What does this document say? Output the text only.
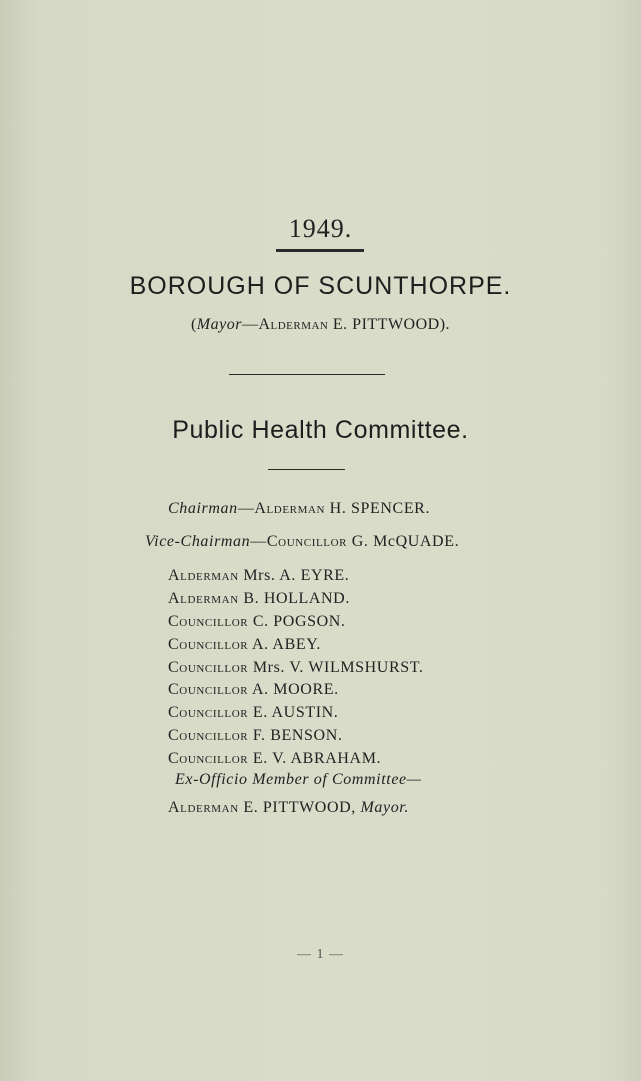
1949.
BOROUGH OF SCUNTHORPE.
(Mayor—Alderman E. PITTWOOD).
Public Health Committee.
Chairman—Alderman H. SPENCER.
Vice-Chairman—Councillor G. McQUADE.
Alderman Mrs. A. EYRE.
Alderman B. HOLLAND.
Councillor C. POGSON.
Councillor A. ABEY.
Councillor Mrs. V. WILMSHURST.
Councillor A. MOORE.
Councillor E. AUSTIN.
Councillor F. BENSON.
Councillor E. V. ABRAHAM.
Ex-Officio Member of Committee—
Alderman E. PITTWOOD, Mayor.
— 1 —
